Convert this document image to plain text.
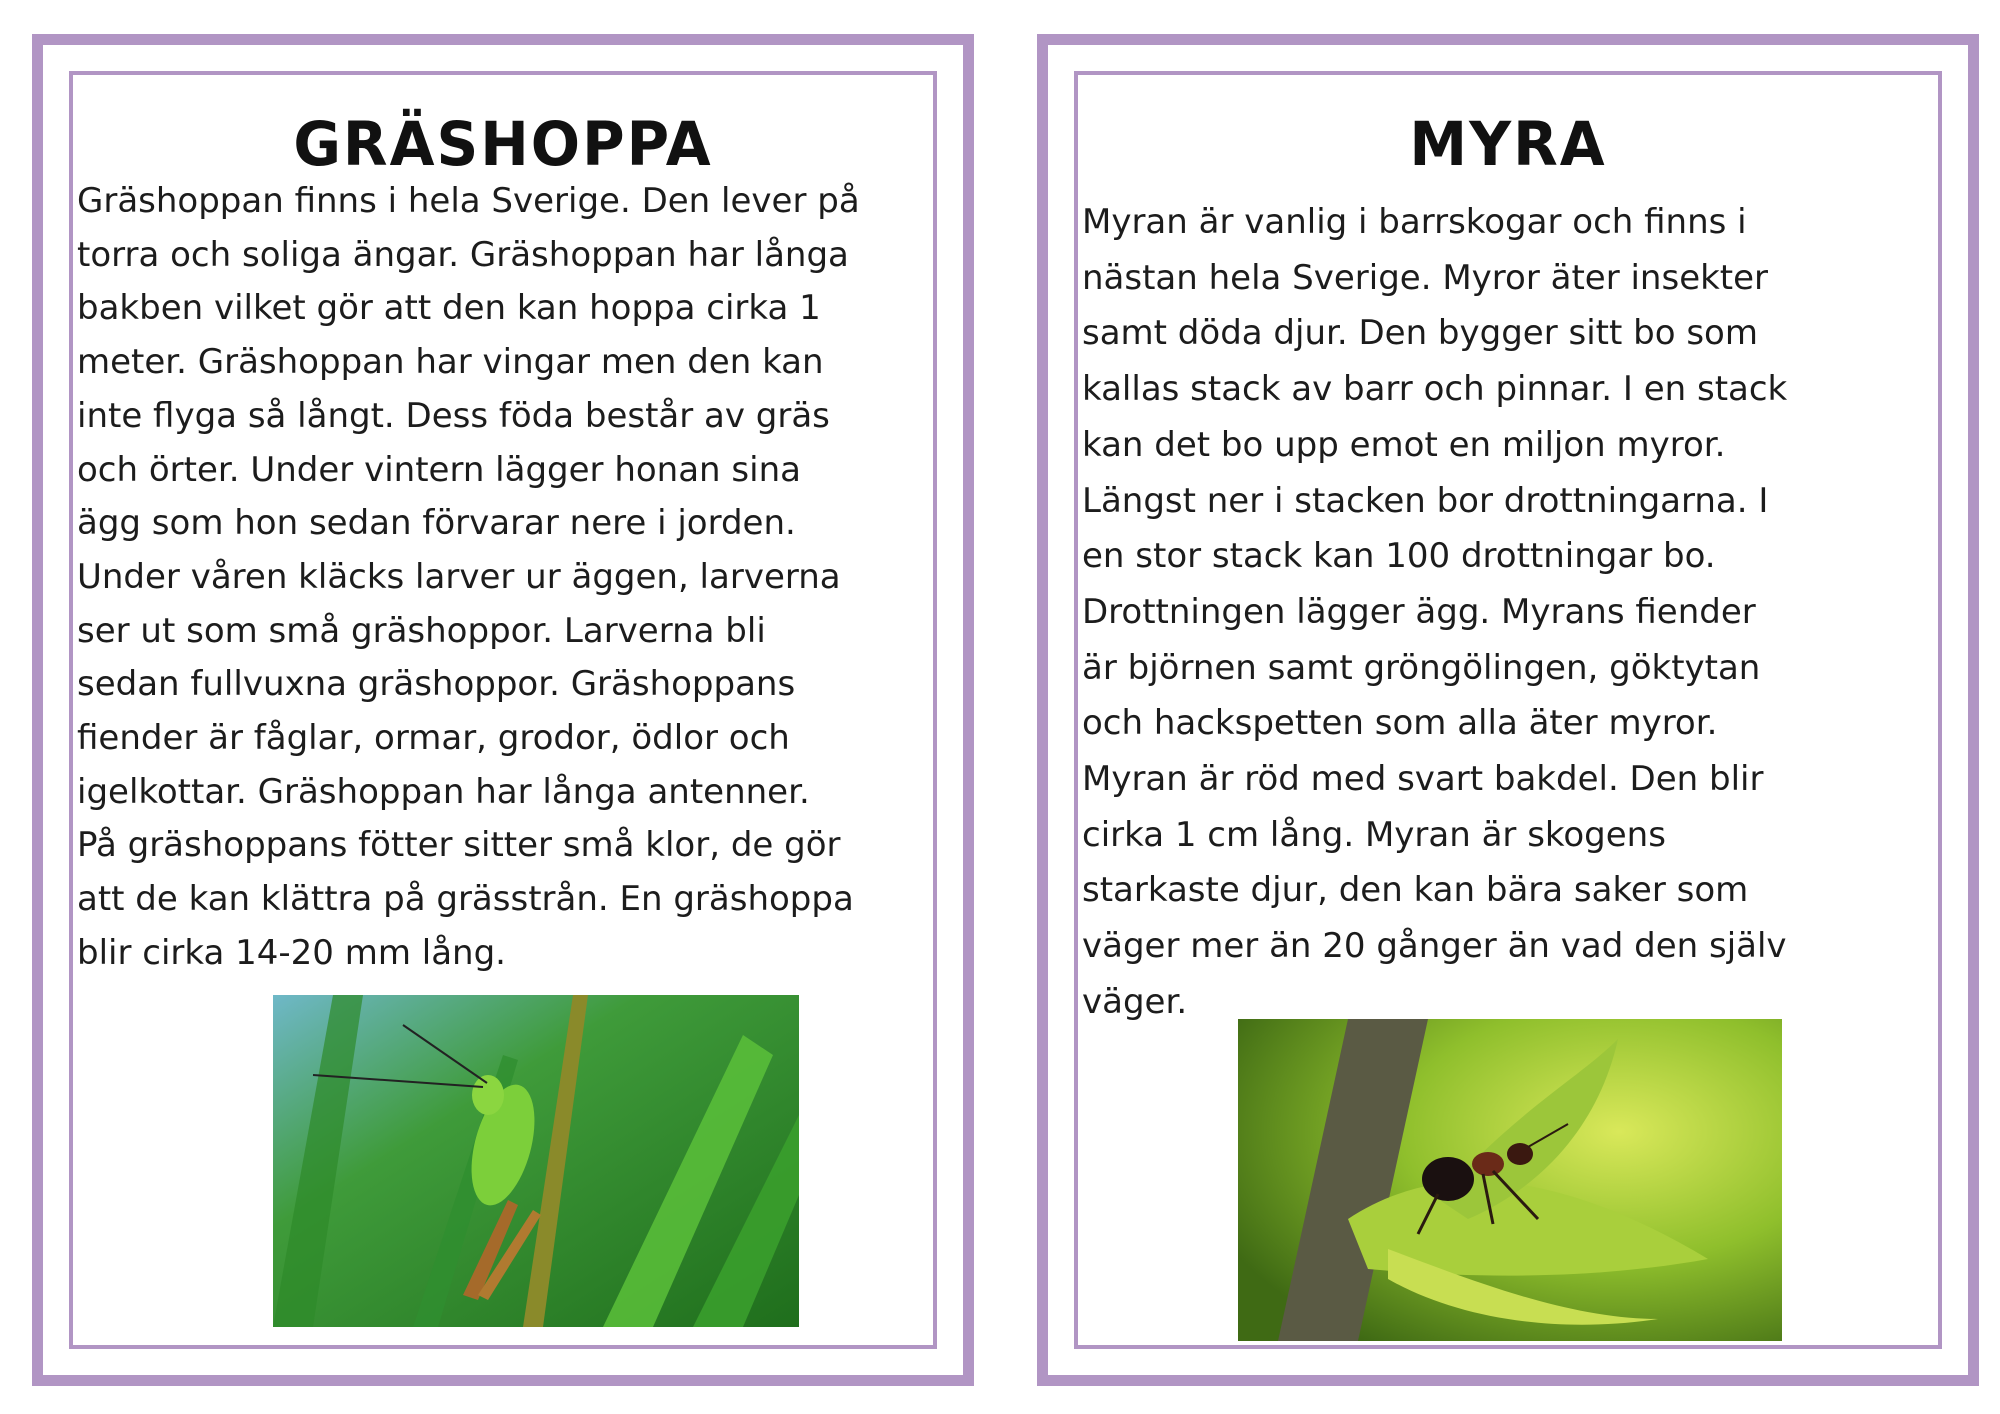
GRÄSHOPPA

Gräshoppan finns i hela Sverige. Den lever på
torra och soliga ängar. Gräshoppan har långa
bakben vilket gör att den kan hoppa cirka 1
meter. Gräshoppan har vingar men den kan
inte flyga så långt. Dess föda består av gräs
och örter. Under vintern lägger honan sina
ägg som hon sedan förvarar nere i jorden.
Under våren kläcks larver ur äggen, larverna
ser ut som små gräshoppor. Larverna bli
sedan fullvuxna gräshoppor. Gräshoppans
fiender är fåglar, ormar, grodor, ödlor och
igelkottar. Gräshoppan har långa antenner.
På gräshoppans fötter sitter små klor, de gör
att de kan klättra på grässtrån. En gräshoppa
blir cirka 14-20 mm lång.

MYRA

Myran är vanlig i barrskogar och finns i
nästan hela Sverige. Myror äter insekter
samt döda djur. Den bygger sitt bo som
kallas stack av barr och pinnar. I en stack
kan det bo upp emot en miljon myror.
Längst ner i stacken bor drottningarna. I
en stor stack kan 100 drottningar bo.
Drottningen lägger ägg. Myrans fiender
är björnen samt gröngölingen, göktytan
och hackspetten som alla äter myror.
Myran är röd med svart bakdel. Den blir
cirka 1 cm lång. Myran är skogens
starkaste djur, den kan bära saker som
väger mer än 20 gånger än vad den själv
väger.
